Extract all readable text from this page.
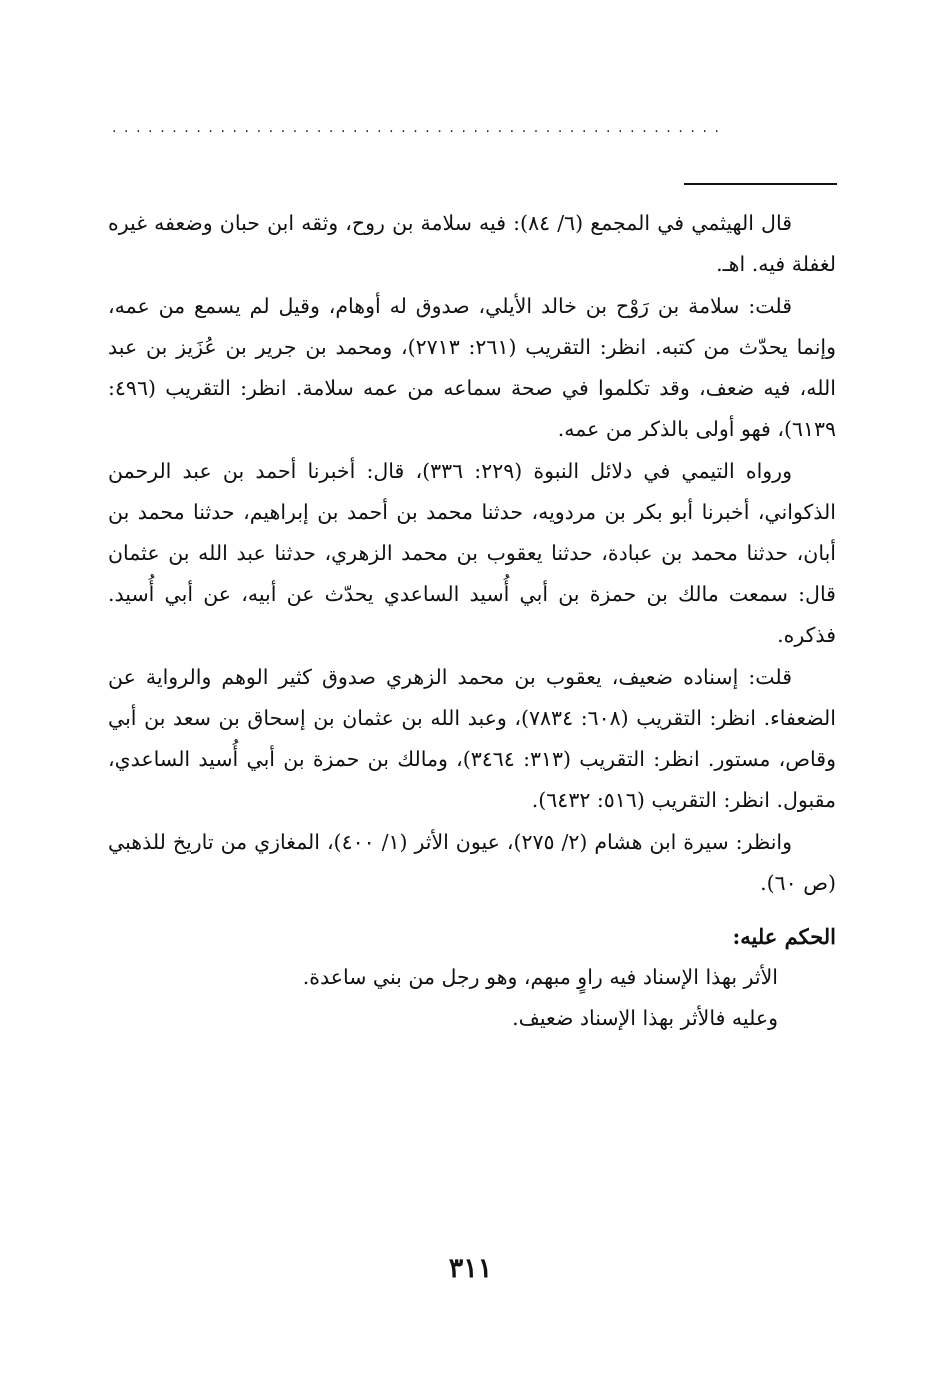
...................................................

قال الهيثمي في المجمع (٦/ ٨٤): فيه سلامة بن روح، وثقه ابن حبان وضعفه غيره لغفلة فيه. اهـ.

قلت: سلامة بن رَوْح بن خالد الأيلي، صدوق له أوهام، وقيل لم يسمع من عمه، وإنما يحدّث من كتبه. انظر: التقريب (٢٦١: ٢٧١٣)، ومحمد بن جرير بن عُزَيز بن عبد الله، فيه ضعف، وقد تكلموا في صحة سماعه من عمه سلامة. انظر: التقريب (٤٩٦: ٦١٣٩)، فهو أولى بالذكر من عمه.

ورواه التيمي في دلائل النبوة (٢٢٩: ٣٣٦)، قال: أخبرنا أحمد بن عبد الرحمن الذكواني، أخبرنا أبو بكر بن مردويه، حدثنا محمد بن أحمد بن إبراهيم، حدثنا محمد بن أبان، حدثنا محمد بن عبادة، حدثنا يعقوب بن محمد الزهري، حدثنا عبد الله بن عثمان قال: سمعت مالك بن حمزة بن أبي أُسيد الساعدي يحدّث عن أبيه، عن أبي أُسيد. فذكره.

قلت: إسناده ضعيف، يعقوب بن محمد الزهري صدوق كثير الوهم والرواية عن الضعفاء. انظر: التقريب (٦٠٨: ٧٨٣٤)، وعبد الله بن عثمان بن إسحاق بن سعد بن أبي وقاص، مستور. انظر: التقريب (٣١٣: ٣٤٦٤)، ومالك بن حمزة بن أبي أُسيد الساعدي، مقبول. انظر: التقريب (٥١٦: ٦٤٣٢).

وانظر: سيرة ابن هشام (٢/ ٢٧٥)، عيون الأثر (١/ ٤٠٠)، المغازي من تاريخ للذهبي (ص ٦٠).

الحكم عليه:

الأثر بهذا الإسناد فيه راوٍ مبهم، وهو رجل من بني ساعدة.

وعليه فالأثر بهذا الإسناد ضعيف.

٣١١
